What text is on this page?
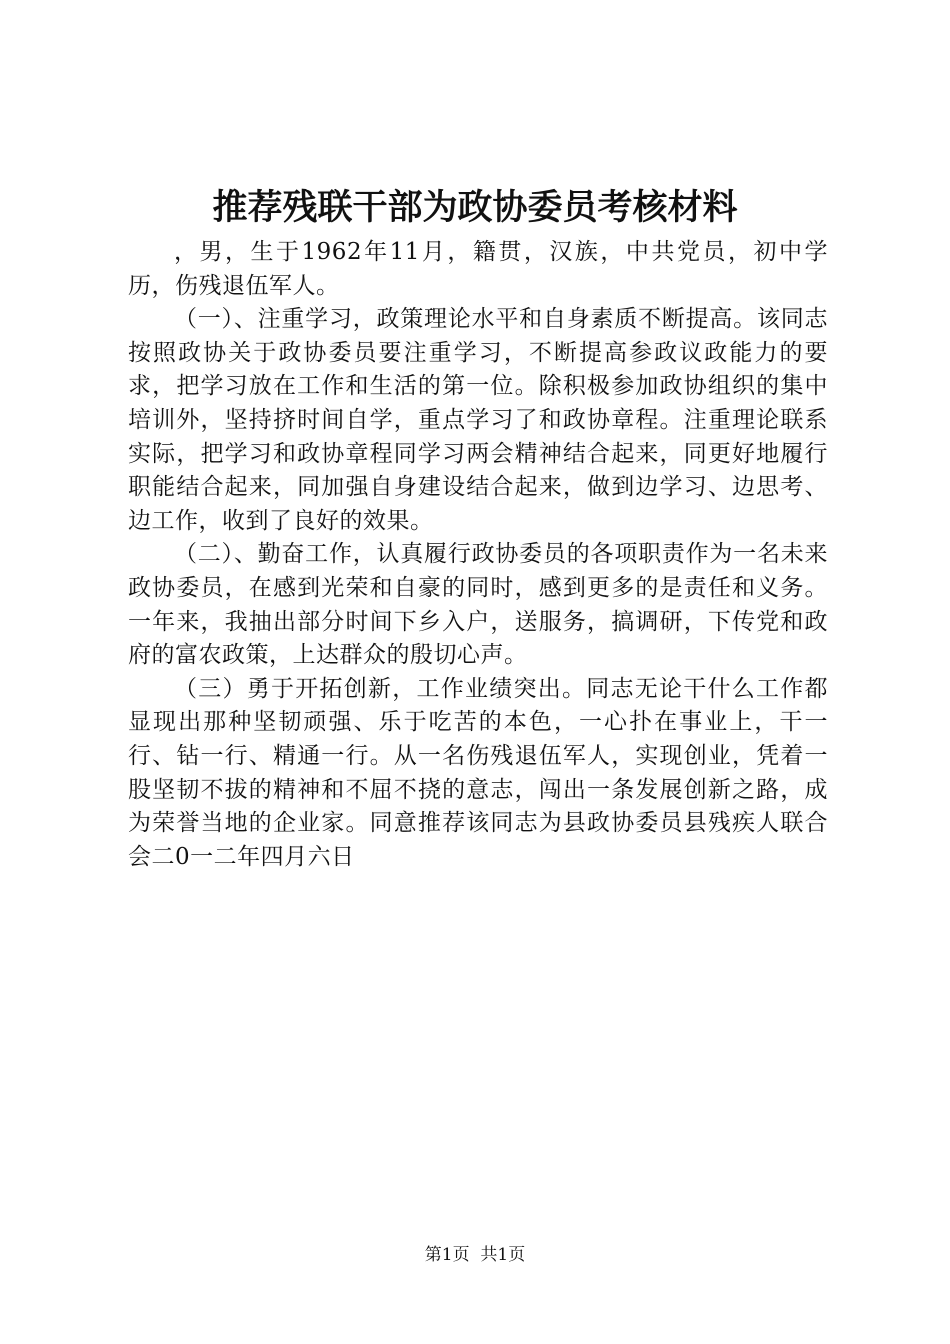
推荐残联干部为政协委员考核材料

，男，生于1962年11月，籍贯，汉族，中共党员，初中学历，伤残退伍军人。

（一）、注重学习，政策理论水平和自身素质不断提高。该同志按照政协关于政协委员要注重学习，不断提高参政议政能力的要求，把学习放在工作和生活的第一位。除积极参加政协组织的集中培训外，坚持挤时间自学，重点学习了和政协章程。注重理论联系实际，把学习和政协章程同学习两会精神结合起来，同更好地履行职能结合起来，同加强自身建设结合起来，做到边学习、边思考、边工作，收到了良好的效果。

（二）、勤奋工作，认真履行政协委员的各项职责作为一名未来政协委员，在感到光荣和自豪的同时，感到更多的是责任和义务。一年来，我抽出部分时间下乡入户，送服务，搞调研，下传党和政府的富农政策，上达群众的殷切心声。

（三）勇于开拓创新，工作业绩突出。同志无论干什么工作都显现出那种坚韧顽强、乐于吃苦的本色，一心扑在事业上，干一行、钻一行、精通一行。从一名伤残退伍军人，实现创业，凭着一股坚韧不拔的精神和不屈不挠的意志，闯出一条发展创新之路，成为荣誉当地的企业家。同意推荐该同志为县政协委员县残疾人联合会二0一二年四月六日

第1页  共1页
